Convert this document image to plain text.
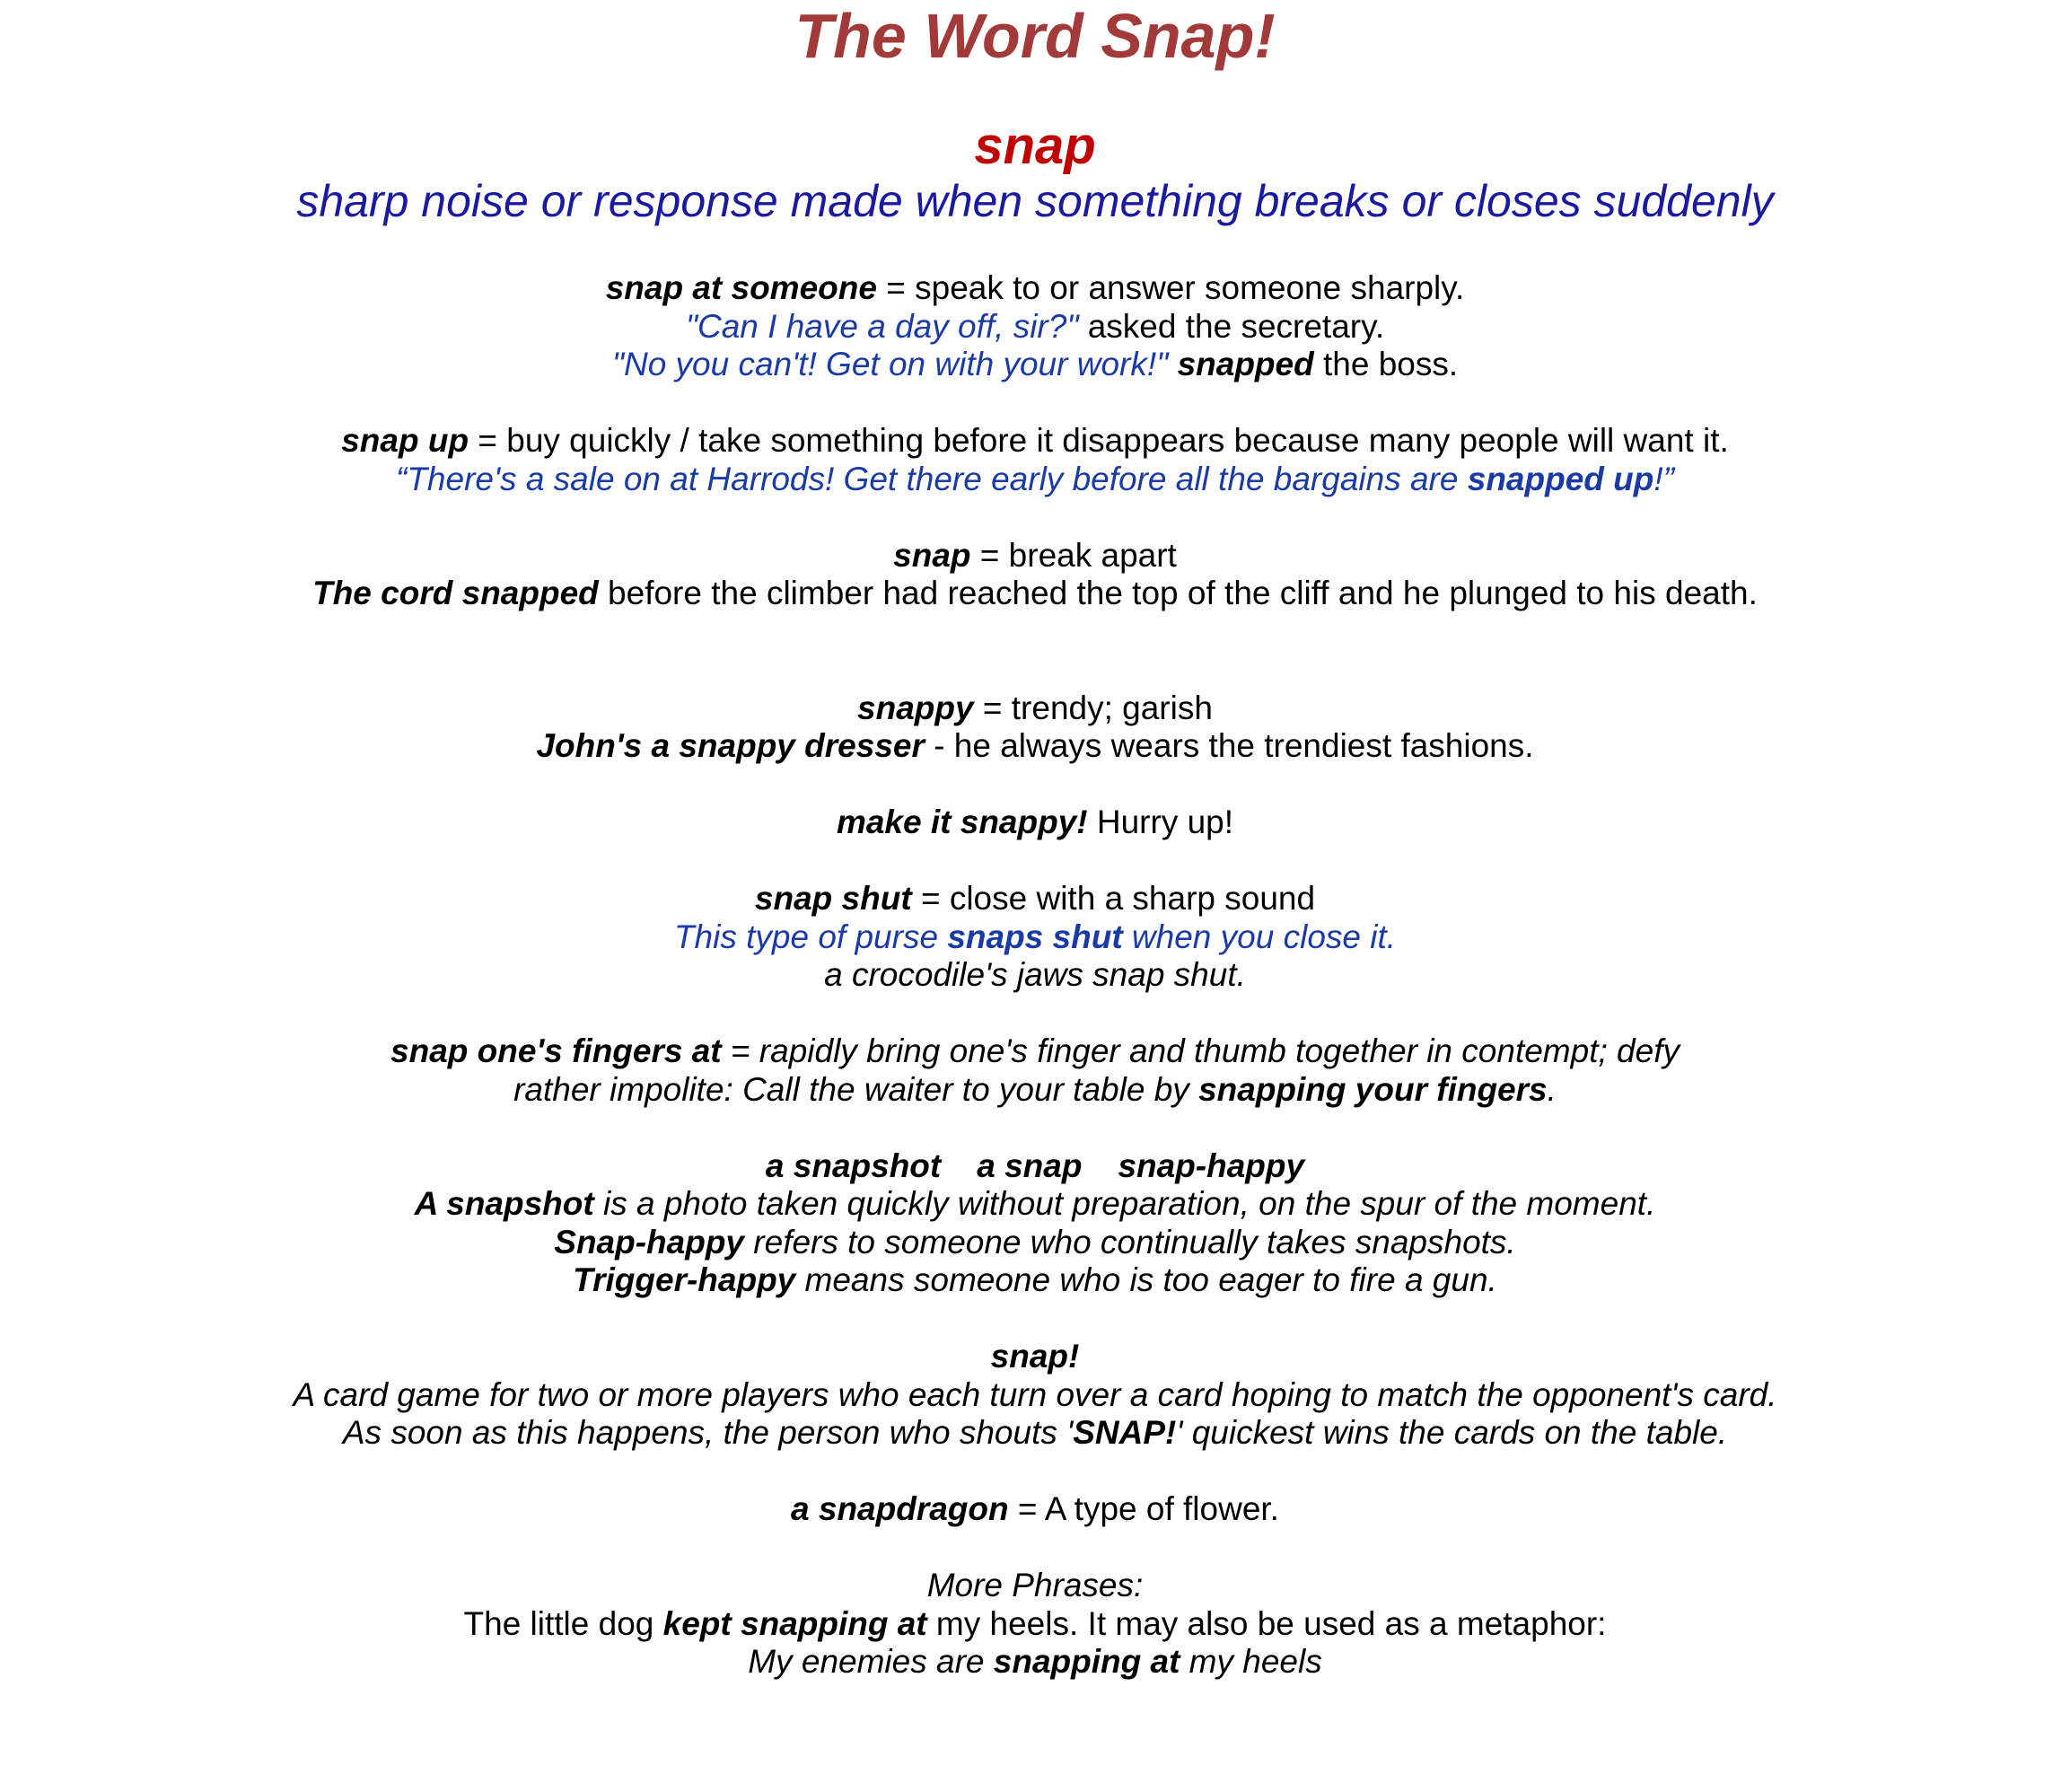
The Word Snap!
snap
sharp noise or response made when something breaks or closes suddenly
snap at someone = speak to or answer someone sharply.
"Can I have a day off, sir?" asked the secretary.
"No you can't! Get on with your work!" snapped the boss.
snap up = buy quickly / take something before it disappears because many people will want it.
“There's a sale on at Harrods! Get there early before all the bargains are snapped up!”
snap = break apart
The cord snapped before the climber had reached the top of the cliff and he plunged to his death.
snappy = trendy; garish
John's a snappy dresser - he always wears the trendiest fashions.
make it snappy! Hurry up!
snap shut = close with a sharp sound
This type of purse snaps shut when you close it.
a crocodile's jaws snap shut.
snap one's fingers at = rapidly bring one's finger and thumb together in contempt; defy
rather impolite: Call the waiter to your table by snapping your fingers.
a snapshot a snap snap-happy
A snapshot is a photo taken quickly without preparation, on the spur of the moment.
Snap-happy refers to someone who continually takes snapshots.
Trigger-happy means someone who is too eager to fire a gun.
snap!
A card game for two or more players who each turn over a card hoping to match the opponent's card.
As soon as this happens, the person who shouts 'SNAP!' quickest wins the cards on the table.
a snapdragon = A type of flower.
More Phrases:
The little dog kept snapping at my heels. It may also be used as a metaphor:
My enemies are snapping at my heels
